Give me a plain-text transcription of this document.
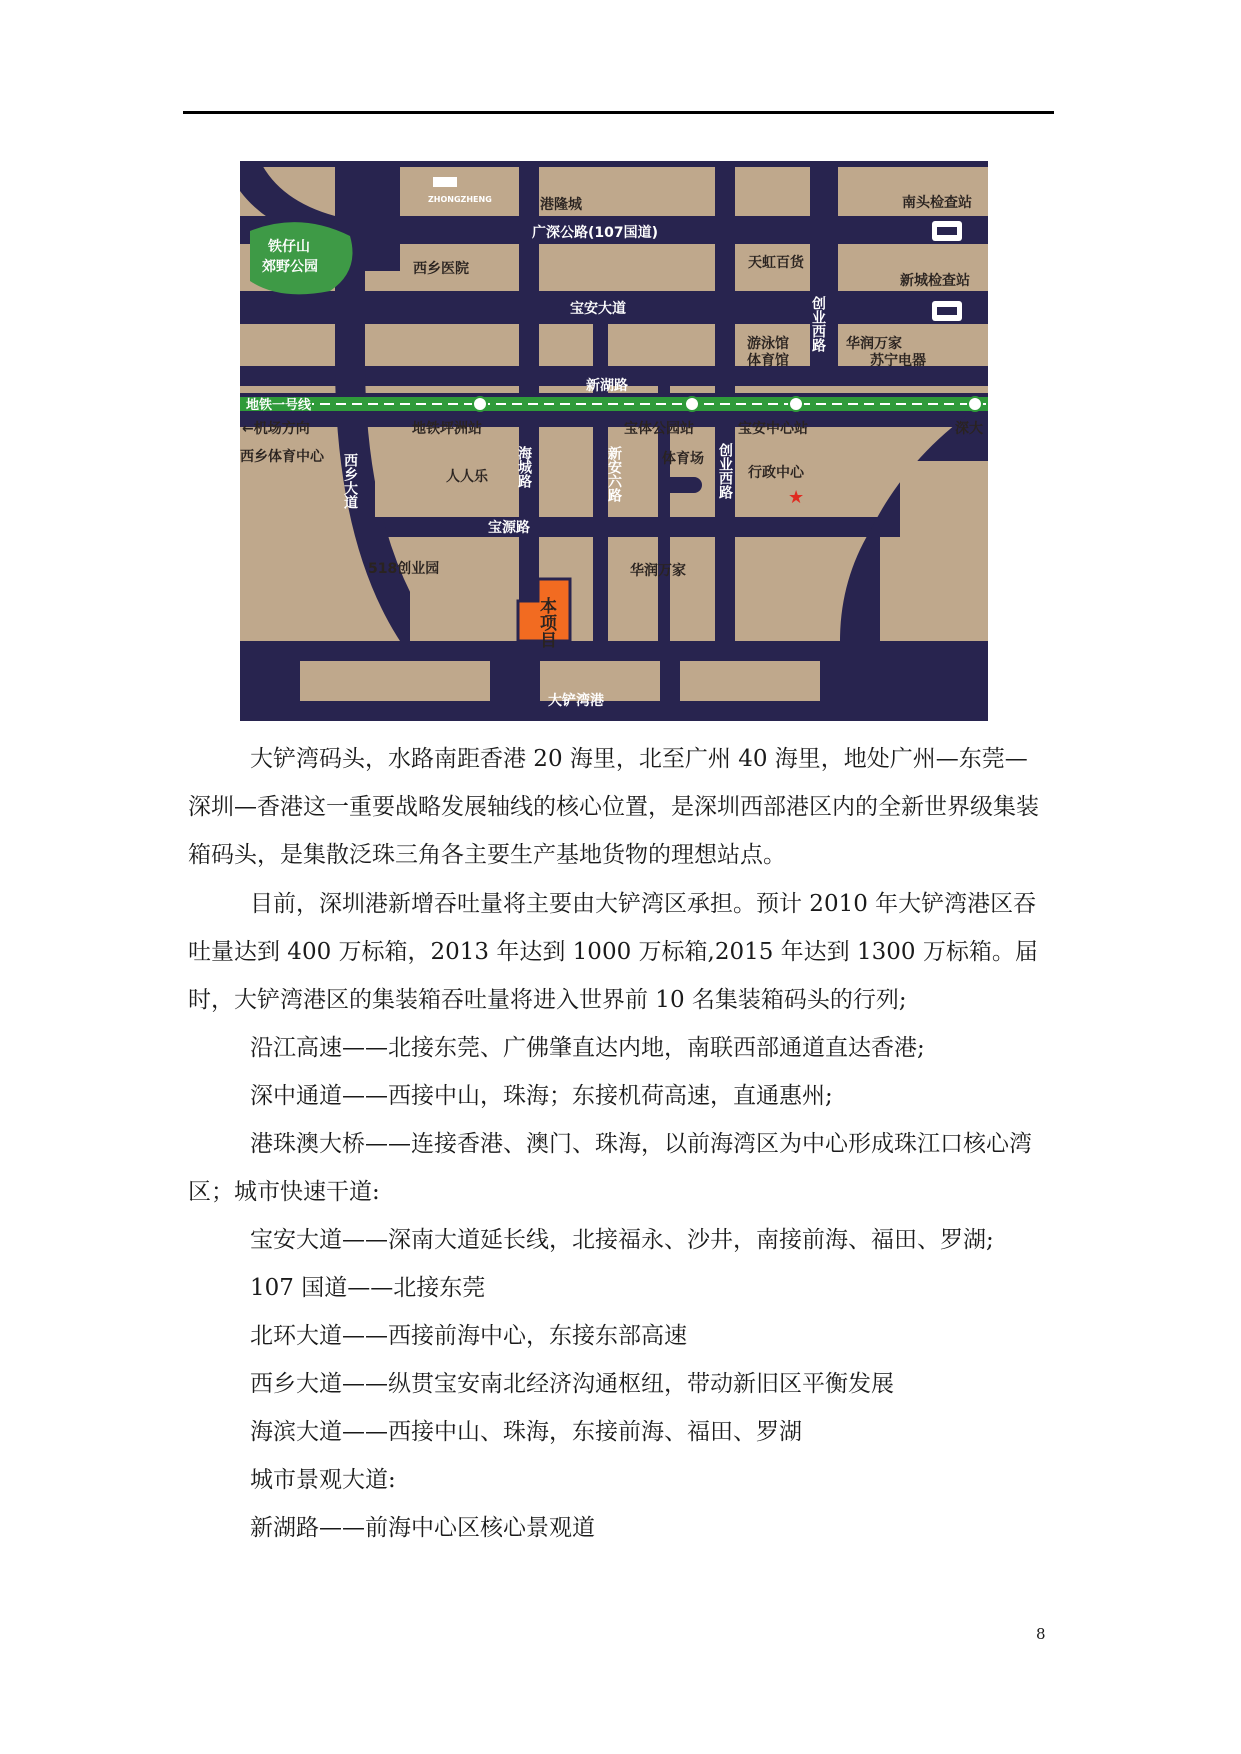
ZHONGZHENG
★
港隆城
广深公路(107国道)
南头检查站
新城检查站
铁仔山
郊野公园	西乡医院	天虹百货
宝安大道	创业西路
游泳馆
体育馆
华润万家
苏宁电器
新湖路
地铁一号线
←机场方向	地铁坪洲站	宝体公园站	宝安中心站	深大
西乡体育中心 西乡大道	人人乐 海城路	新安六路	体育场 创业西路 行政中心
宝源路
518创业园	华润万家
本项目
大铲湾港

大铲湾码头，水路南距香港 20 海里，北至广州 40 海里，地处广州—东莞—深圳—香港这一重要战略发展轴线的核心位置，是深圳西部港区内的全新世界级集装箱码头，是集散泛珠三角各主要生产基地货物的理想站点。

目前，深圳港新增吞吐量将主要由大铲湾区承担。预计 2010 年大铲湾港区吞吐量达到 400 万标箱，2013 年达到 1000 万标箱,2015 年达到 1300 万标箱。届时，大铲湾港区的集装箱吞吐量将进入世界前 10 名集装箱码头的行列;

沿江高速——北接东莞、广佛肇直达内地，南联西部通道直达香港;

深中通道——西接中山，珠海；东接机荷高速，直通惠州;

港珠澳大桥——连接香港、澳门、珠海，以前海湾区为中心形成珠江口核心湾区；城市快速干道:

宝安大道——深南大道延长线，北接福永、沙井，南接前海、福田、罗湖;

107 国道——北接东莞

北环大道——西接前海中心，东接东部高速

西乡大道——纵贯宝安南北经济沟通枢纽，带动新旧区平衡发展

海滨大道——西接中山、珠海，东接前海、福田、罗湖

城市景观大道:

新湖路——前海中心区核心景观道

8
